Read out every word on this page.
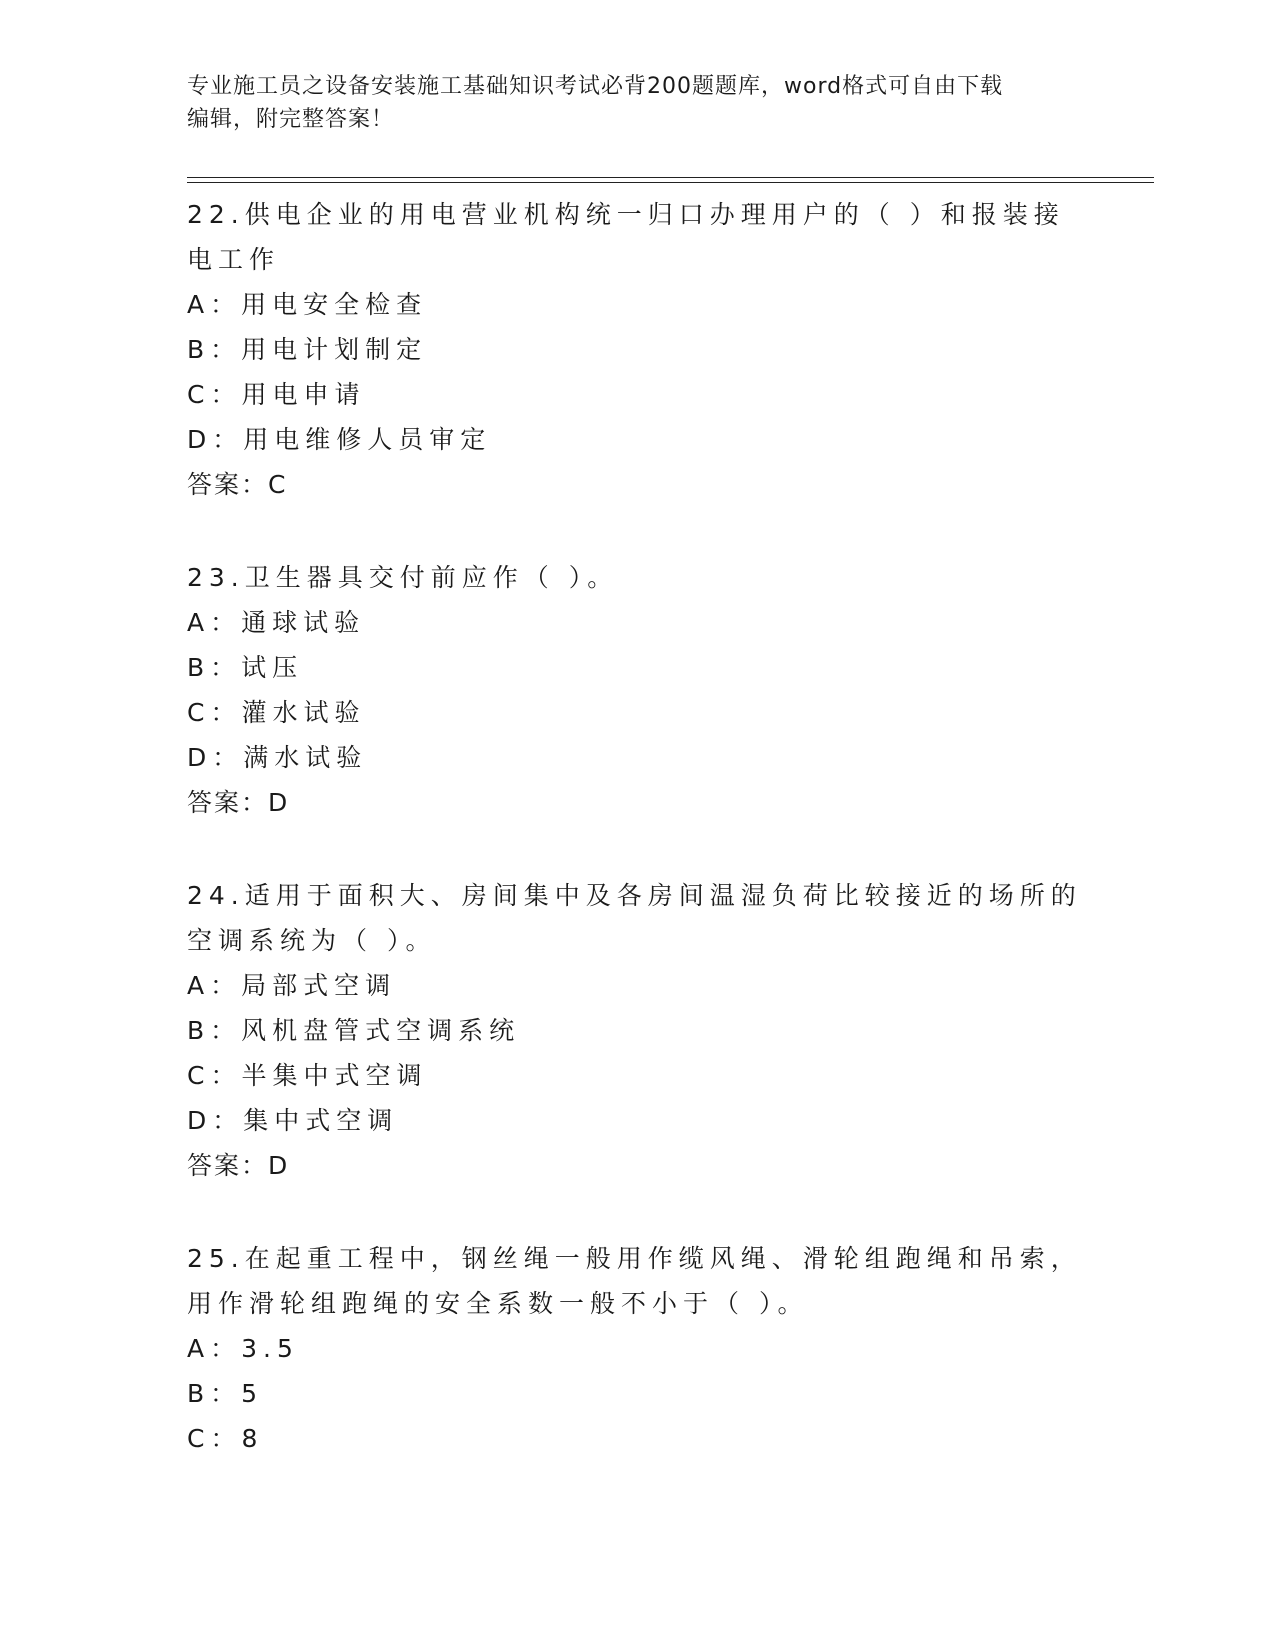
专业施工员之设备安装施工基础知识考试必背200题题库，word格式可自由下载
编辑，附完整答案！

22.供电企业的用电营业机构统一归口办理用户的（ ）和报装接电工作

A：用电安全检查

B：用电计划制定

C：用电申请

D：用电维修人员审定

答案：C

23.卫生器具交付前应作（ ）。

A：通球试验

B：试压

C：灌水试验

D：满水试验

答案：D

24.适用于面积大、房间集中及各房间温湿负荷比较接近的场所的空调系统为（ ）。

A：局部式空调

B：风机盘管式空调系统

C：半集中式空调

D：集中式空调

答案：D

25.在起重工程中，钢丝绳一般用作缆风绳、滑轮组跑绳和吊索，用作滑轮组跑绳的安全系数一般不小于（ ）。

A：3.5

B：5

C：8
